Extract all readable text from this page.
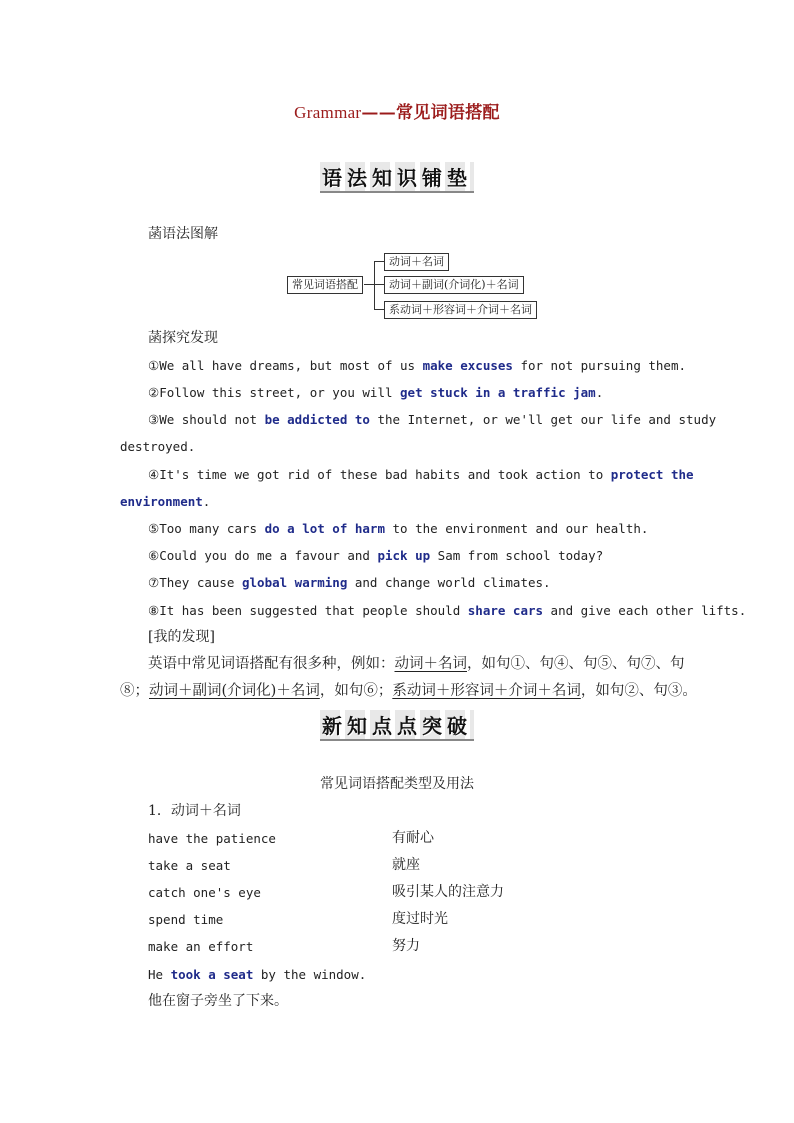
Grammar——常见词语搭配
语法知识铺垫
菡语法图解
常见词语搭配
动词＋名词
动词＋副词(介词化)＋名词
系动词＋形容词＋介词＋名词
菡探究发现
①We all have dreams, but most of us make excuses for not pursuing them.
②Follow this street, or you will get stuck in a traffic jam.
③We should not be addicted to the Internet, or we'll get our life and study
destroyed.
④It's time we got rid of these bad habits and took action to protect the
environment.
⑤Too many cars do a lot of harm to the environment and our health.
⑥Could you do me a favour and pick up Sam from school today?
⑦They cause global warming and change world climates.
⑧It has been suggested that people should share cars and give each other lifts.
[我的发现]
英语中常见词语搭配有很多种，例如：动词＋名词，如句①、句④、句⑤、句⑦、句
⑧；动词＋副词(介词化)＋名词，如句⑥；系动词＋形容词＋介词＋名词，如句②、句③。
新知点点突破
常见词语搭配类型及用法
1．动词＋名词
have the patience	有耐心
take a seat	就座
catch one's eye	吸引某人的注意力
spend time	度过时光
make an effort	努力
He took a seat by the window.
他在窗子旁坐了下来。
